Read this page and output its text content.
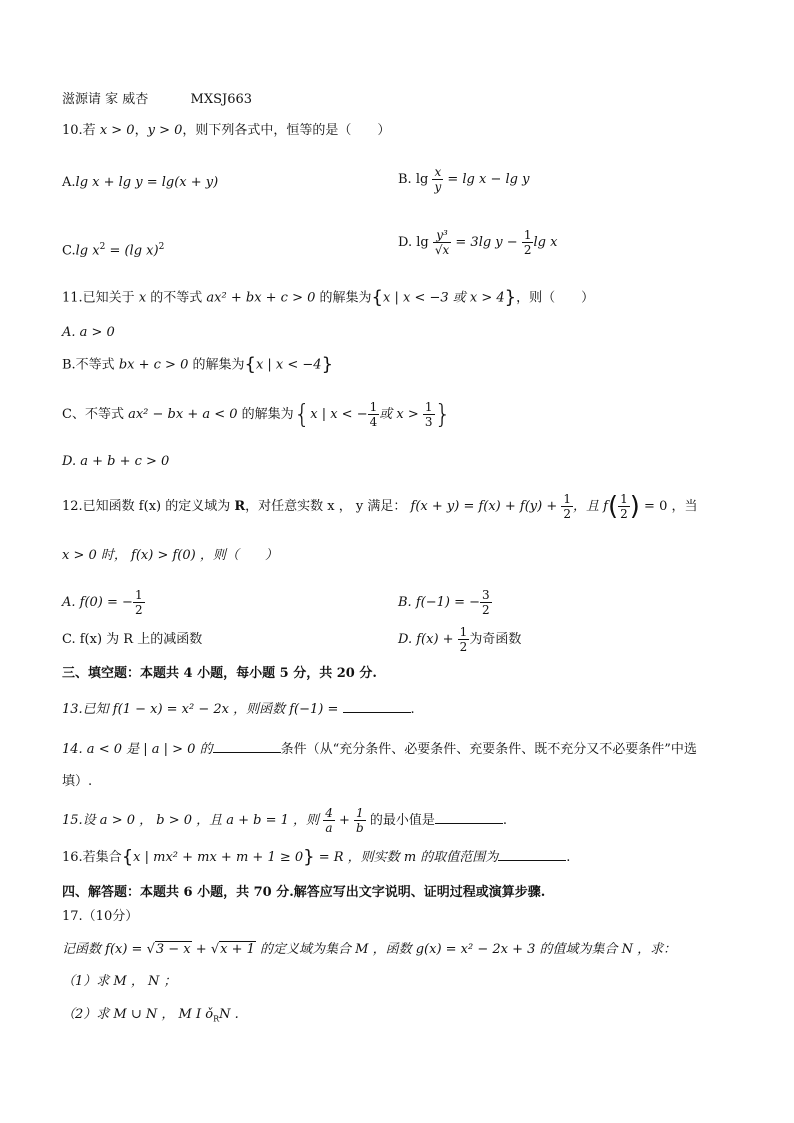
滋源请 家 威杏	MXSJ663
10.若 x > 0，y > 0，则下列各式中，恒等的是（　　）
A.lg x + lg y = lg(x + y)	B. $\lg \frac{x}{y} = \lg x - \lg y$
C.lg $x^2 = (\lg$ x)$^2$	D. $\lg \frac{\text{y³}}{√x} = 3\lg$ $y - \frac{1}{2}$ lg x
11.已知关于 x 的不等式 ax² + bx + c > 0 的解集为{x | x < −3 或 x > 4}，则（　　）
A. a > 0
B.不等式 bx + c > 0 的解集为{x | x < −4}
C、不等式 ax² − bx + a < 0 的解集为{x | x < − $\frac{1}{4}$ 或 $x > \frac{1}{3}$ }
D. a + b + c > 0
12.已知函数 f(x) 的定义域为 R，对任意实数 x ， y 满足： $f(x + y) = f(x) + f(y) + \frac{1}{2}$ ，且 $f( \frac{1}{2}$ ) = 0 ，当
x > 0 时， f(x) > f(0) ，则（　　）
A. f(0) = − $\frac{1}{2}$	B. f(−1) = − $\frac{3}{2}$
C. f(x) 为 R 上的减函数	D. $f(x) + \frac{1}{2}$ 为奇函数
三、填空题：本题共 4 小题，每小题 5 分，共 20 分.
13.已知 f(1 − x) = x² − 2x ，则函数 f(−1) =	.
14. a < 0 是 | a | > 0 的	条件（从“充分条件、必要条件、充要条件、既不充分又不必要条件”中选
填）.
15.设 a > 0 ， b > 0 ，且 a + b = 1 ，则 $\frac{4}{a} + \frac{1}{b}$ 的最小值是	.
16.若集合{x | mx² + mx + m + 1 ≥ 0} = R ，则实数 m 的取值范围为	.
四、解答题：本题共 6 小题，共 70 分.解答应写出文字说明、证明过程或演算步骤.
17.（10分）
记函数 f(x) = √3 − x + √x + 1 的定义域为集合 M ，函数 g(x) = x² − 2x + 3 的值域为集合 N ，求：
（1）求 M ， N ；
（2）求 M ∪ N ， M I $ǒ_RN$ .
